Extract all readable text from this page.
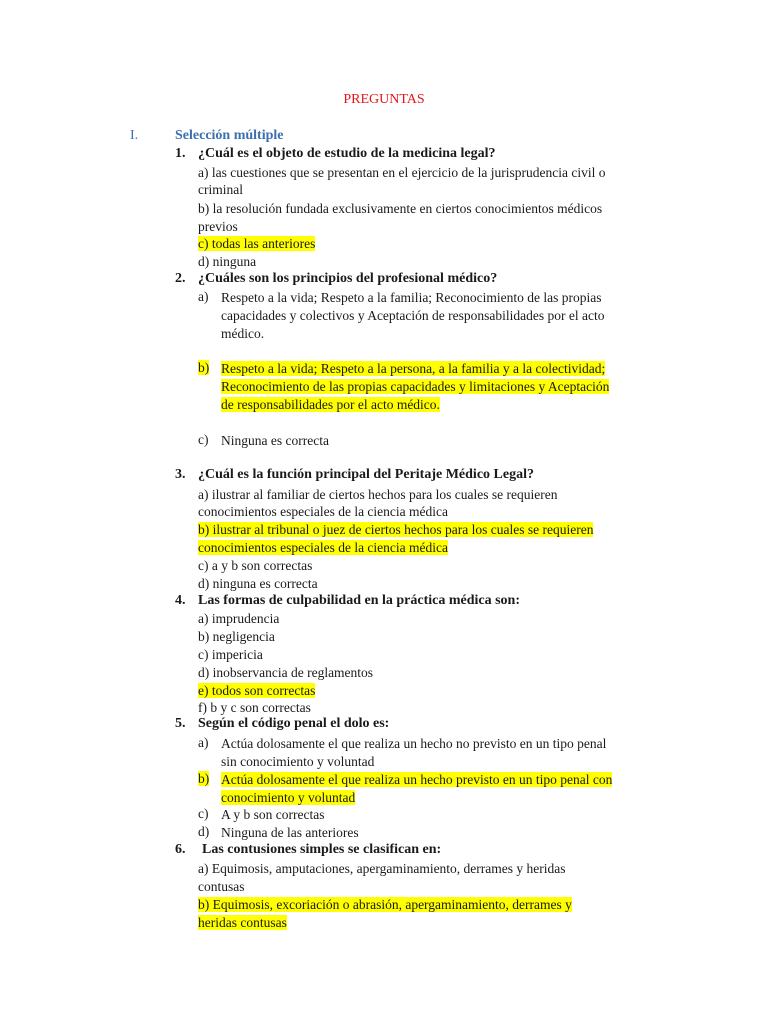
PREGUNTAS
I.	Selección múltiple
1. ¿Cuál es el objeto de estudio de la medicina legal?
a) las cuestiones que se presentan en el ejercicio de la jurisprudencia civil o
criminal
b) la resolución fundada exclusivamente en ciertos conocimientos médicos
previos
c) todas las anteriores
d) ninguna
2. ¿Cuáles son los principios del profesional médico?
a) Respeto a la vida; Respeto a la familia; Reconocimiento de las propias
capacidades y colectivos y Aceptación de responsabilidades por el acto
médico.
b) Respeto a la vida; Respeto a la persona, a la familia y a la colectividad;
Reconocimiento de las propias capacidades y limitaciones y Aceptación
de responsabilidades por el acto médico.
c) Ninguna es correcta
3. ¿Cuál es la función principal del Peritaje Médico Legal?
a) ilustrar al familiar de ciertos hechos para los cuales se requieren
conocimientos especiales de la ciencia médica
b) ilustrar al tribunal o juez de ciertos hechos para los cuales se requieren
conocimientos especiales de la ciencia médica
c) a y b son correctas
d) ninguna es correcta
4. Las formas de culpabilidad en la práctica médica son:
a) imprudencia
b) negligencia
c) impericia
d) inobservancia de reglamentos
e) todos son correctas
f) b y c son correctas
5. Según el código penal el dolo es:
a) Actúa dolosamente el que realiza un hecho no previsto en un tipo penal
sin conocimiento y voluntad
b) Actúa dolosamente el que realiza un hecho previsto en un tipo penal con
conocimiento y voluntad
c) A y b son correctas
d) Ninguna de las anteriores
6. Las contusiones simples se clasifican en:
a) Equimosis, amputaciones, apergaminamiento, derrames y heridas
contusas
b) Equimosis, excoriación o abrasión, apergaminamiento, derrames y
heridas contusas
